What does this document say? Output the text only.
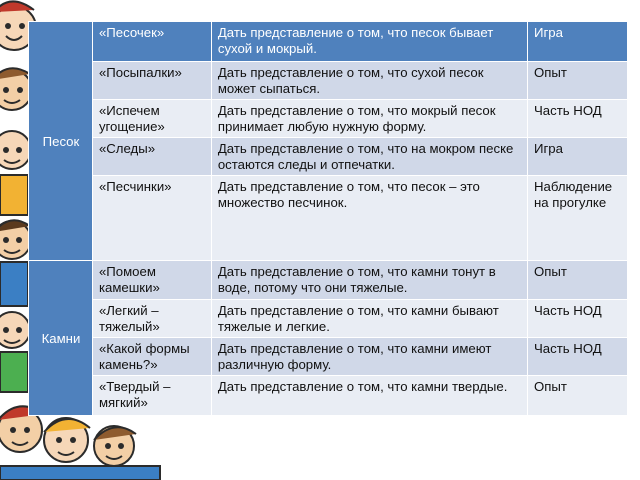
Песок	«Песочек»	Дать представление о том, что песок бывает сухой и мокрый.	Игра
	«Посыпалки»	Дать представление о том, что сухой песок может сыпаться.	Опыт
	«Испечем угощение»	Дать представление о том, что мокрый песок принимает любую нужную форму.	Часть НОД
	«Следы»	Дать представление о том, что на мокром песке остаются следы и отпечатки.	Игра
	«Песчинки»	Дать представление о том, что песок – это множество песчинок.	Наблюдение на прогулке
Камни	«Помоем камешки»	Дать представление о том, что камни тонут в воде, потому что они тяжелые.	Опыт
	«Легкий – тяжелый»	Дать представление о том, что камни бывают тяжелые и легкие.	Часть НОД
	«Какой формы камень?»	Дать представление о том, что камни имеют различную форму.	Часть НОД
	«Твердый – мягкий»	Дать представление о том, что камни твердые.	Опыт
